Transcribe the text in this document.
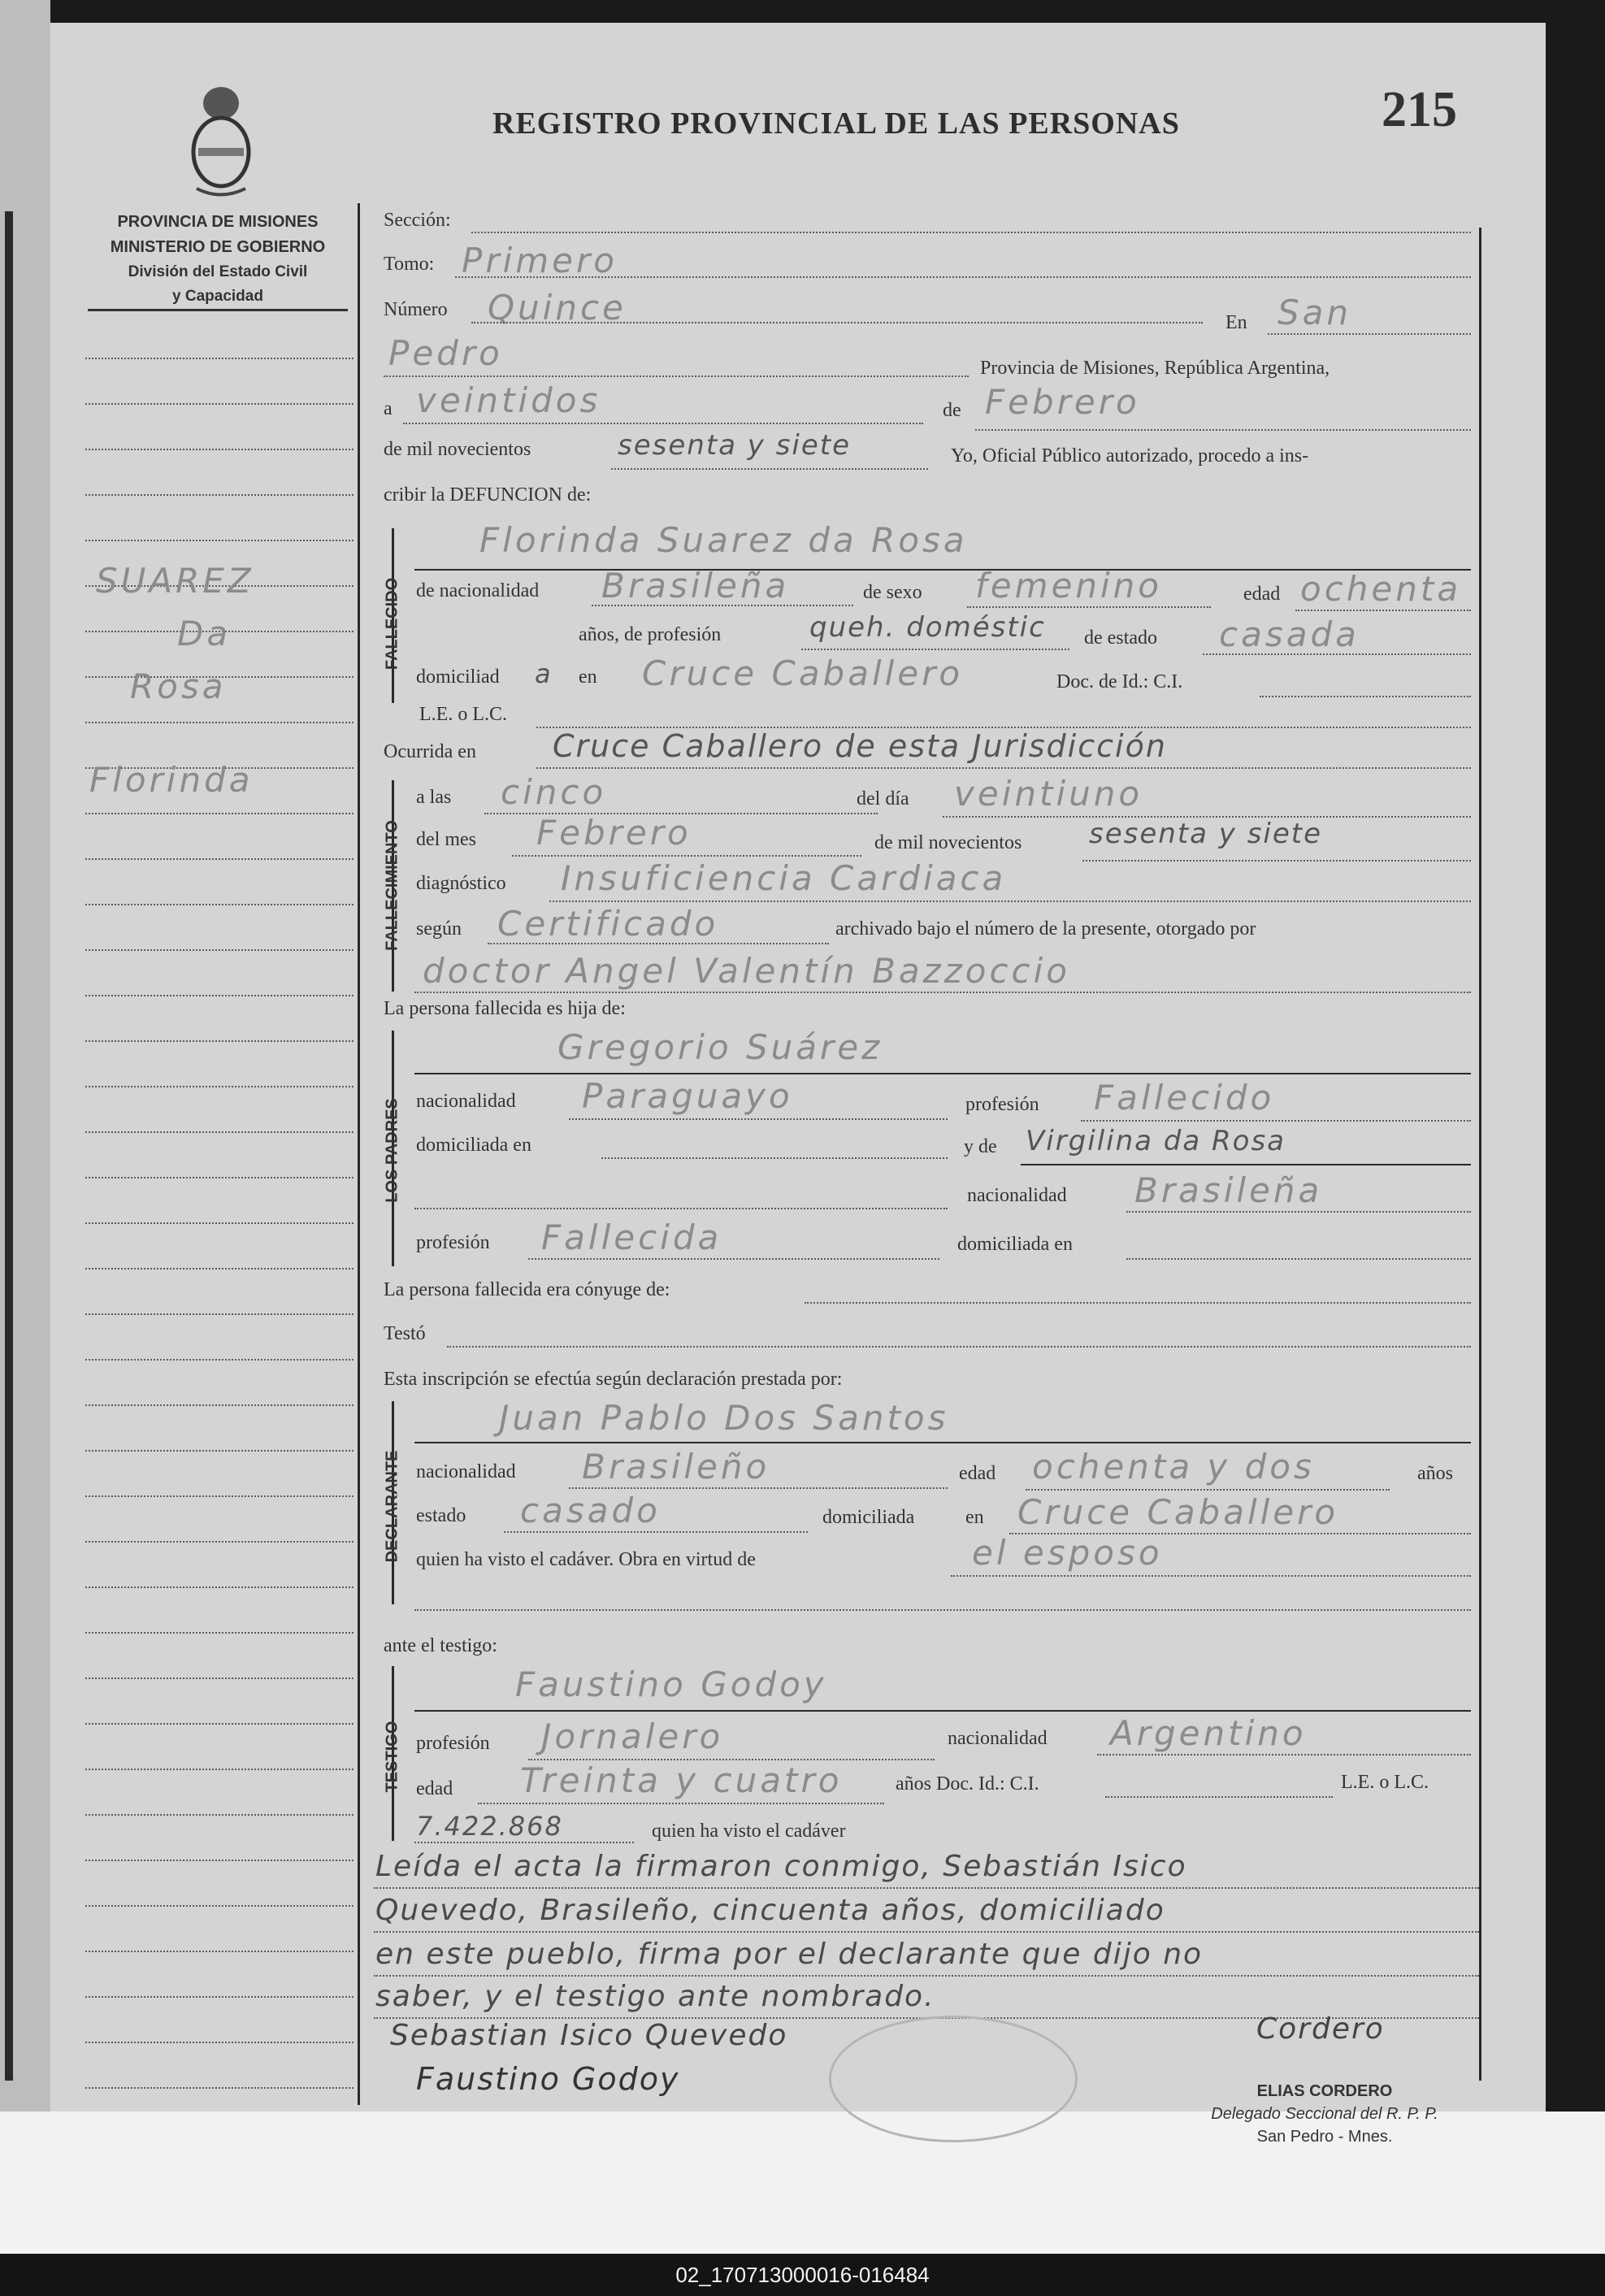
02_170713000016-016484
PROVINCIA DE MISIONES
MINISTERIO DE GOBIERNO
División del Estado Civil
y Capacidad
REGISTRO PROVINCIAL DE LAS PERSONAS	215
SUAREZ
Da
Rosa
Florinda
Sección:
Tomo: Primero
Número Quince	En San
Pedro	Provincia de Misiones, República Argentina,
a veintidos	de Febrero
de mil novecientos	sesenta y siete	Yo, Oficial Público autorizado, procedo a ins-
cribir la DEFUNCION de:
FALLECIDO
Florinda Suarez da Rosa
de nacionalidad Brasileña	de sexo femenino	edad ochenta
años, de profesión	queh. doméstic de estado casada
domiciliad a en Cruce Caballero	Doc. de Id.: C.I.
L.E. o L.C.
Ocurrida en Cruce Caballero de esta Jurisdicción
FALLECIMIENTO
a las cinco	del día veintiuno
del mes Febrero	de mil novecientos sesenta y siete
diagnóstico Insuficiencia Cardiaca
según Certificado	archivado bajo el número de la presente, otorgado por
doctor Angel Valentín Bazzoccio
La persona fallecida es hija de:
LOS PADRES
Gregorio Suárez
nacionalidad Paraguayo	profesión Fallecido
domiciliada en	y de Virgilina da Rosa
nacionalidad Brasileña
profesión Fallecida	domiciliada en
La persona fallecida era cónyuge de:
Testó
Esta inscripción se efectúa según declaración prestada por:
DECLARANTE
Juan Pablo Dos Santos
nacionalidad Brasileño	edad ochenta y dos	años
estado casado	domiciliada	en Cruce Caballero
quien ha visto el cadáver. Obra en virtud de	el esposo
ante el testigo:
TESTIGO
Faustino Godoy
profesión Jornalero	nacionalidad Argentino
edad Treinta y cuatro	años Doc. Id.: C.I.	L.E. o L.C.
7.422.868	quien ha visto el cadáver
Leída el acta la firmaron conmigo, Sebastián Isico
Quevedo, Brasileño, cincuenta años, domiciliado
en este pueblo, firma por el declarante que dijo no
saber, y el testigo ante nombrado.
Sebastian Isico Quevedo	Cordero
Faustino Godoy	ELIAS CORDERO
Delegado Seccional del R. P. P.
San Pedro - Mnes.
